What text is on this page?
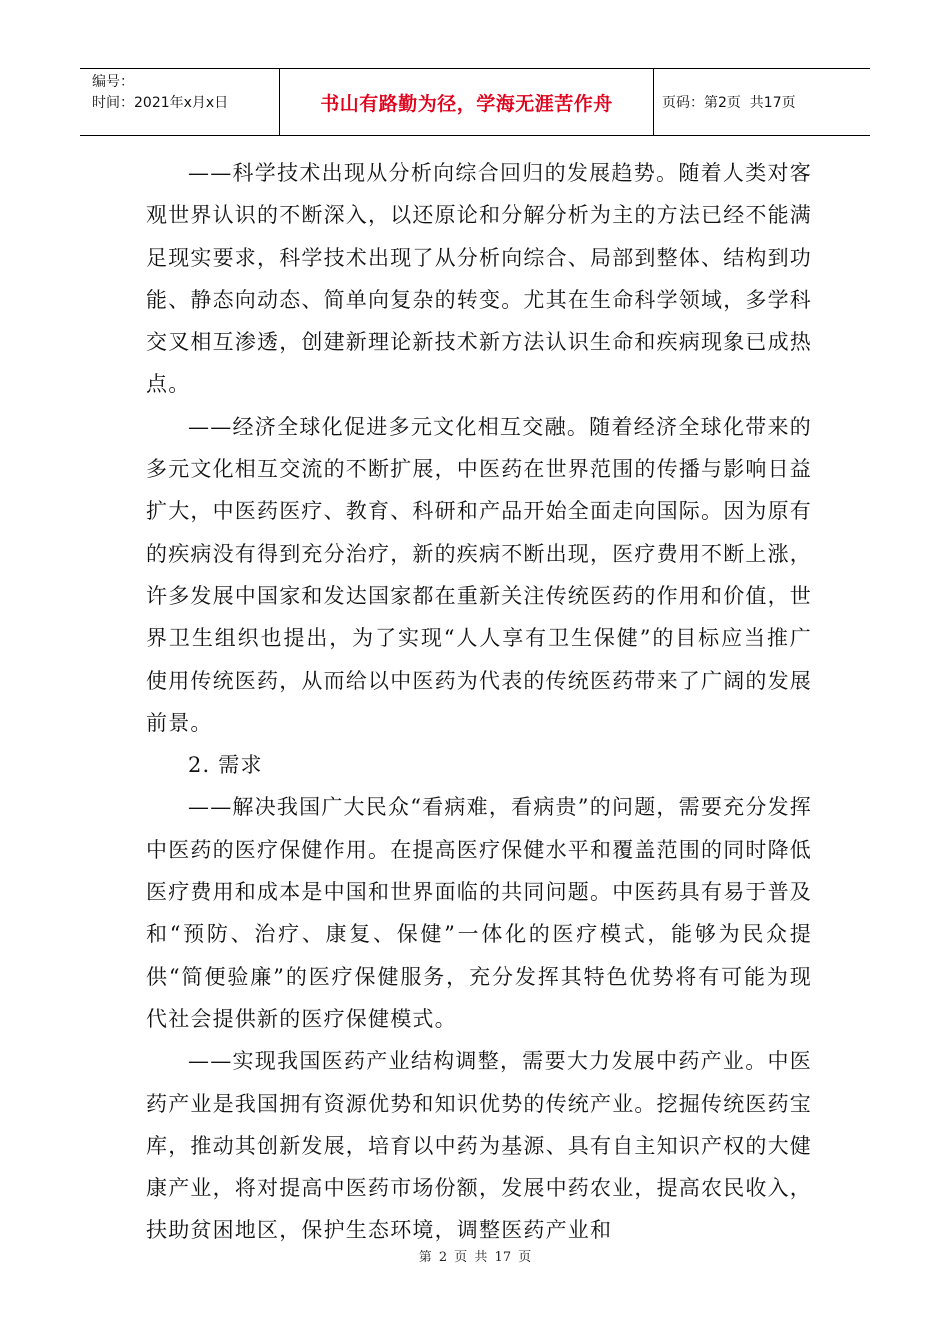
编号：
时间：2021年x月x日	书山有路勤为径，学海无涯苦作舟	页码：第2页  共17页

——科学技术出现从分析向综合回归的发展趋势。随着人类对客观世界认识的不断深入，以还原论和分解分析为主的方法已经不能满足现实要求，科学技术出现了从分析向综合、局部到整体、结构到功能、静态向动态、简单向复杂的转变。尤其在生命科学领域，多学科交叉相互渗透，创建新理论新技术新方法认识生命和疾病现象已成热点。

——经济全球化促进多元文化相互交融。随着经济全球化带来的多元文化相互交流的不断扩展，中医药在世界范围的传播与影响日益扩大，中医药医疗、教育、科研和产品开始全面走向国际。因为原有的疾病没有得到充分治疗，新的疾病不断出现，医疗费用不断上涨，许多发展中国家和发达国家都在重新关注传统医药的作用和价值，世界卫生组织也提出，为了实现“人人享有卫生保健”的目标应当推广使用传统医药，从而给以中医药为代表的传统医药带来了广阔的发展前景。

2. 需求

——解决我国广大民众“看病难，看病贵”的问题，需要充分发挥中医药的医疗保健作用。在提高医疗保健水平和覆盖范围的同时降低医疗费用和成本是中国和世界面临的共同问题。中医药具有易于普及和“预防、治疗、康复、保健”一体化的医疗模式，能够为民众提供“简便验廉”的医疗保健服务，充分发挥其特色优势将有可能为现代社会提供新的医疗保健模式。

——实现我国医药产业结构调整，需要大力发展中药产业。中医药产业是我国拥有资源优势和知识优势的传统产业。挖掘传统医药宝库，推动其创新发展，培育以中药为基源、具有自主知识产权的大健康产业，将对提高中医药市场份额，发展中药农业，提高农民收入，扶助贫困地区，保护生态环境，调整医药产业和

第 2 页 共 17 页
